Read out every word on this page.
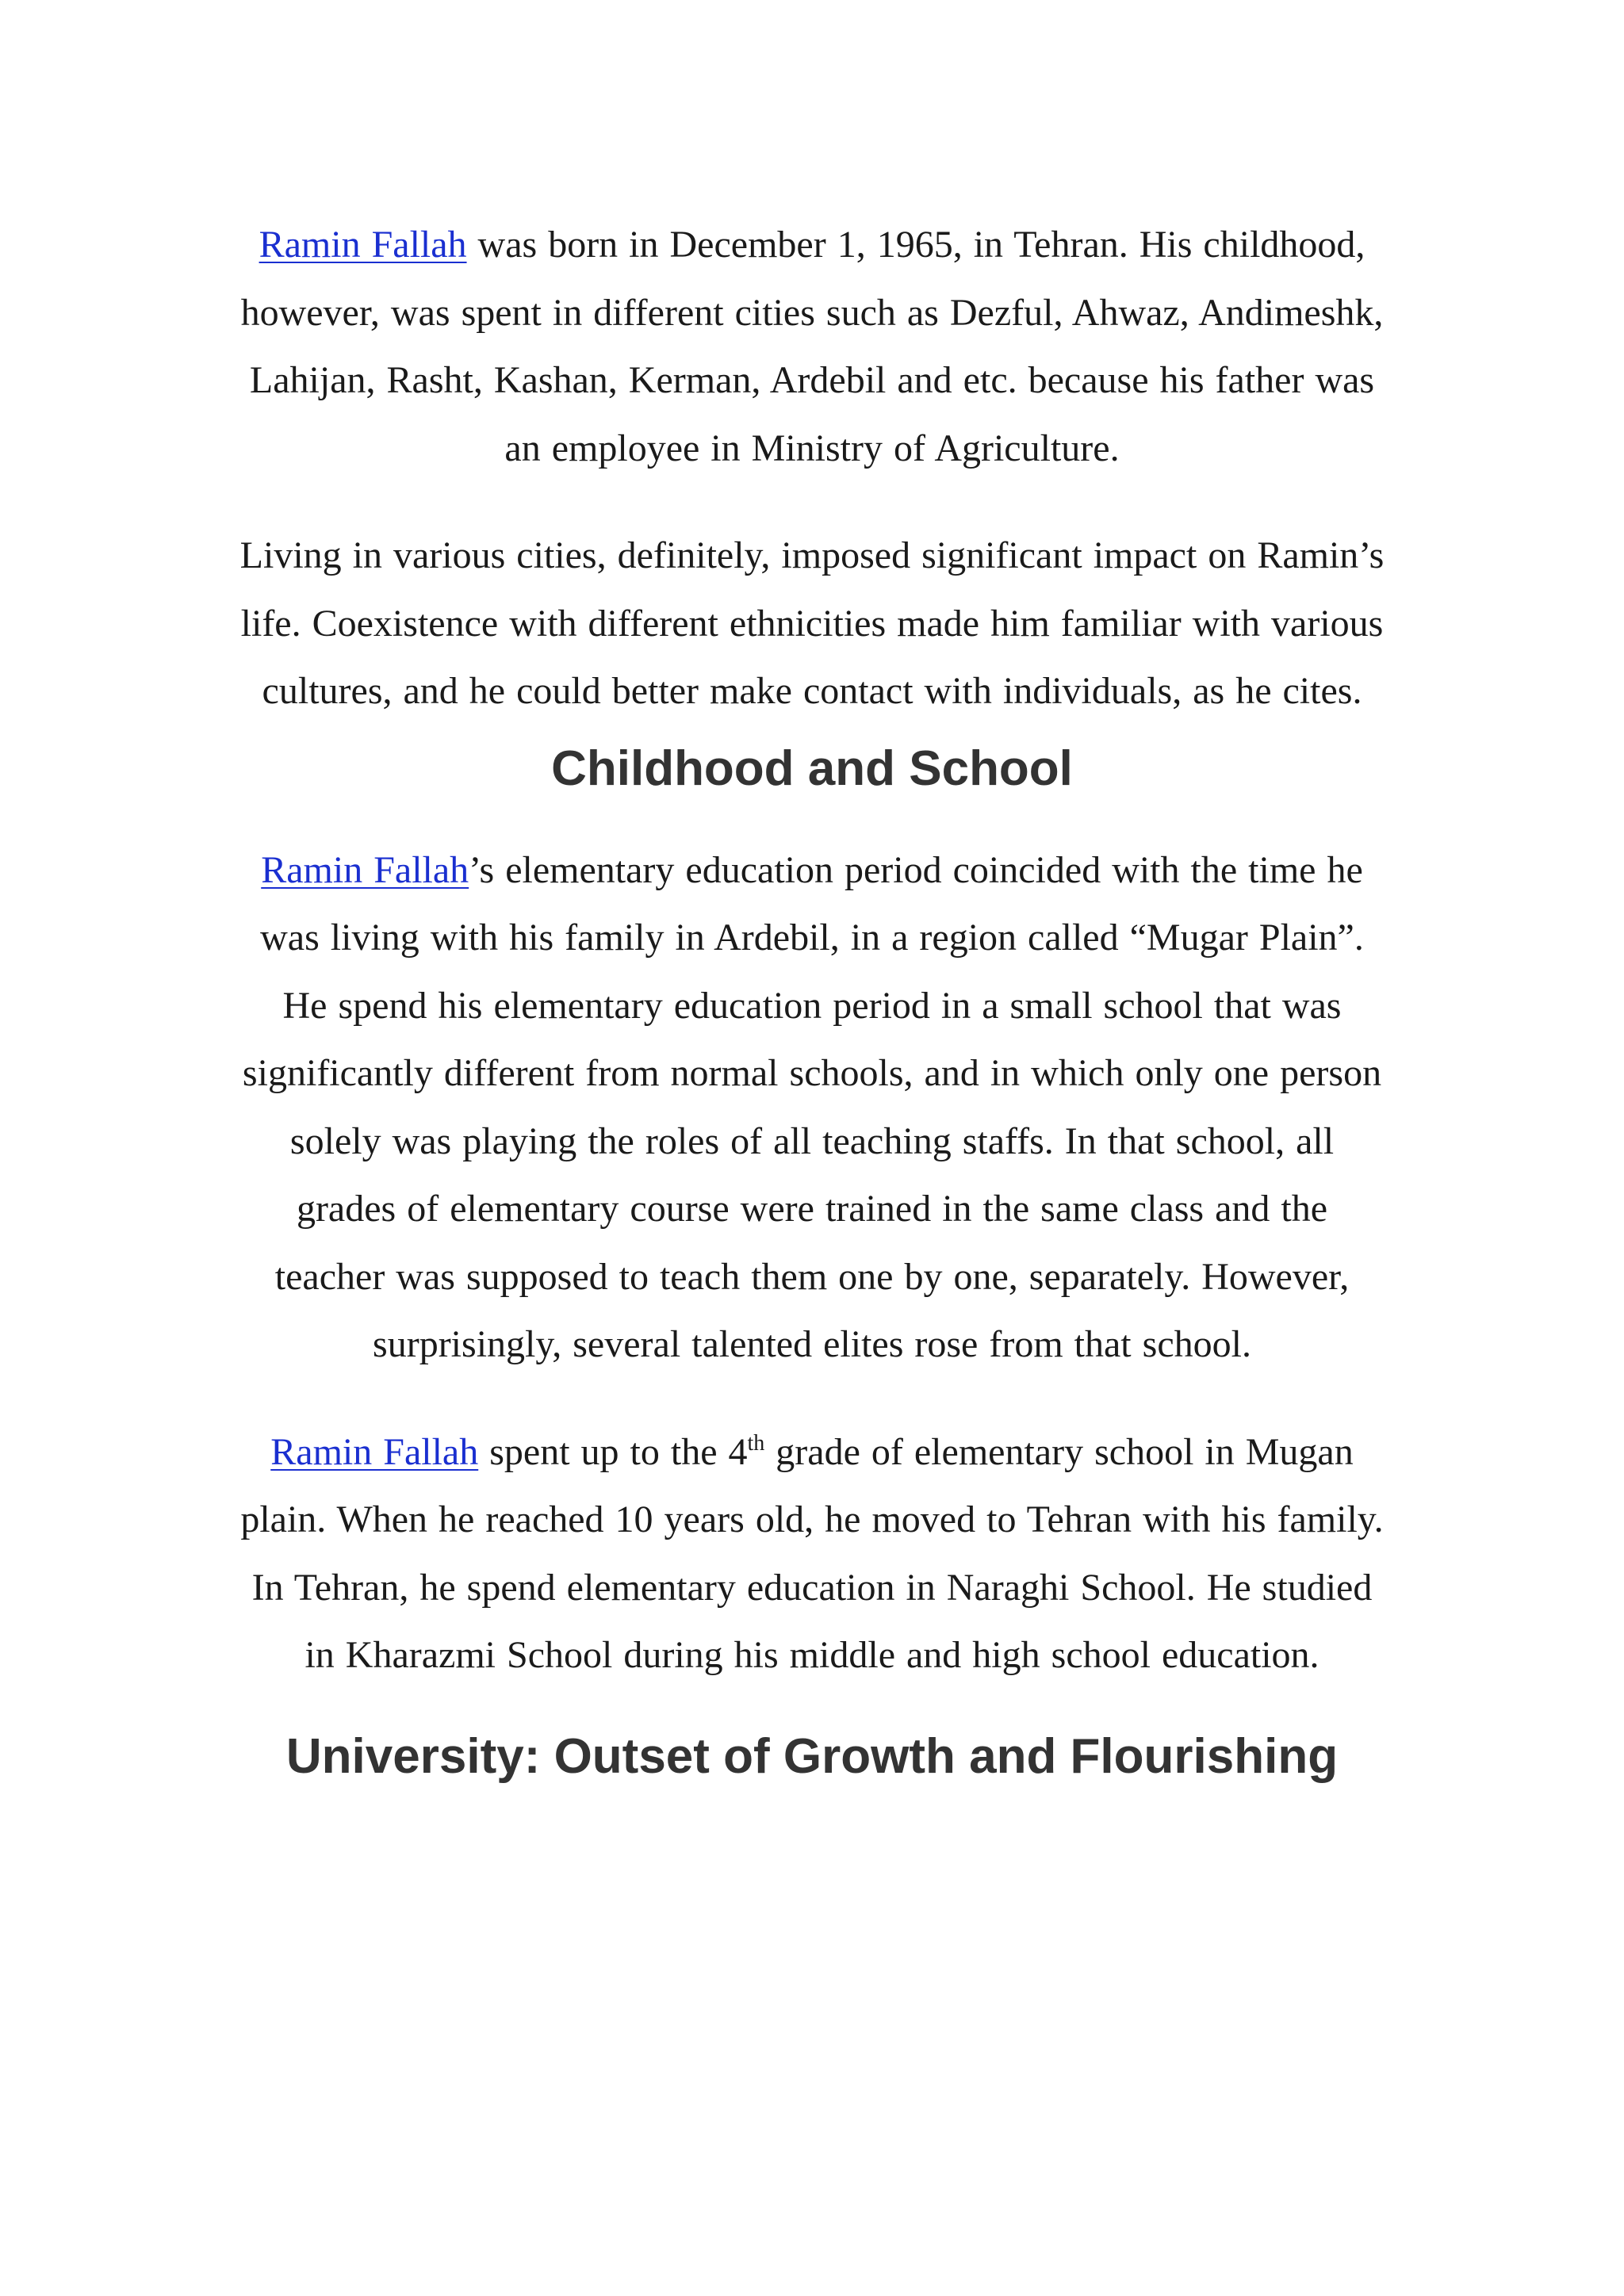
Ramin Fallah was born in December 1, 1965, in Tehran. His childhood, however, was spent in different cities such as Dezful, Ahwaz, Andimeshk, Lahijan, Rasht, Kashan, Kerman, Ardebil and etc. because his father was an employee in Ministry of Agriculture.

Living in various cities, definitely, imposed significant impact on Ramin’s life. Coexistence with different ethnicities made him familiar with various cultures, and he could better make contact with individuals, as he cites.

Childhood and School

Ramin Fallah’s elementary education period coincided with the time he was living with his family in Ardebil, in a region called “Mugar Plain”. He spend his elementary education period in a small school that was significantly different from normal schools, and in which only one person solely was playing the roles of all teaching staffs. In that school, all grades of elementary course were trained in the same class and the teacher was supposed to teach them one by one, separately. However, surprisingly, several talented elites rose from that school.

Ramin Fallah spent up to the 4th grade of elementary school in Mugan plain. When he reached 10 years old, he moved to Tehran with his family. In Tehran, he spend elementary education in Naraghi School. He studied in Kharazmi School during his middle and high school education.

University: Outset of Growth and Flourishing
